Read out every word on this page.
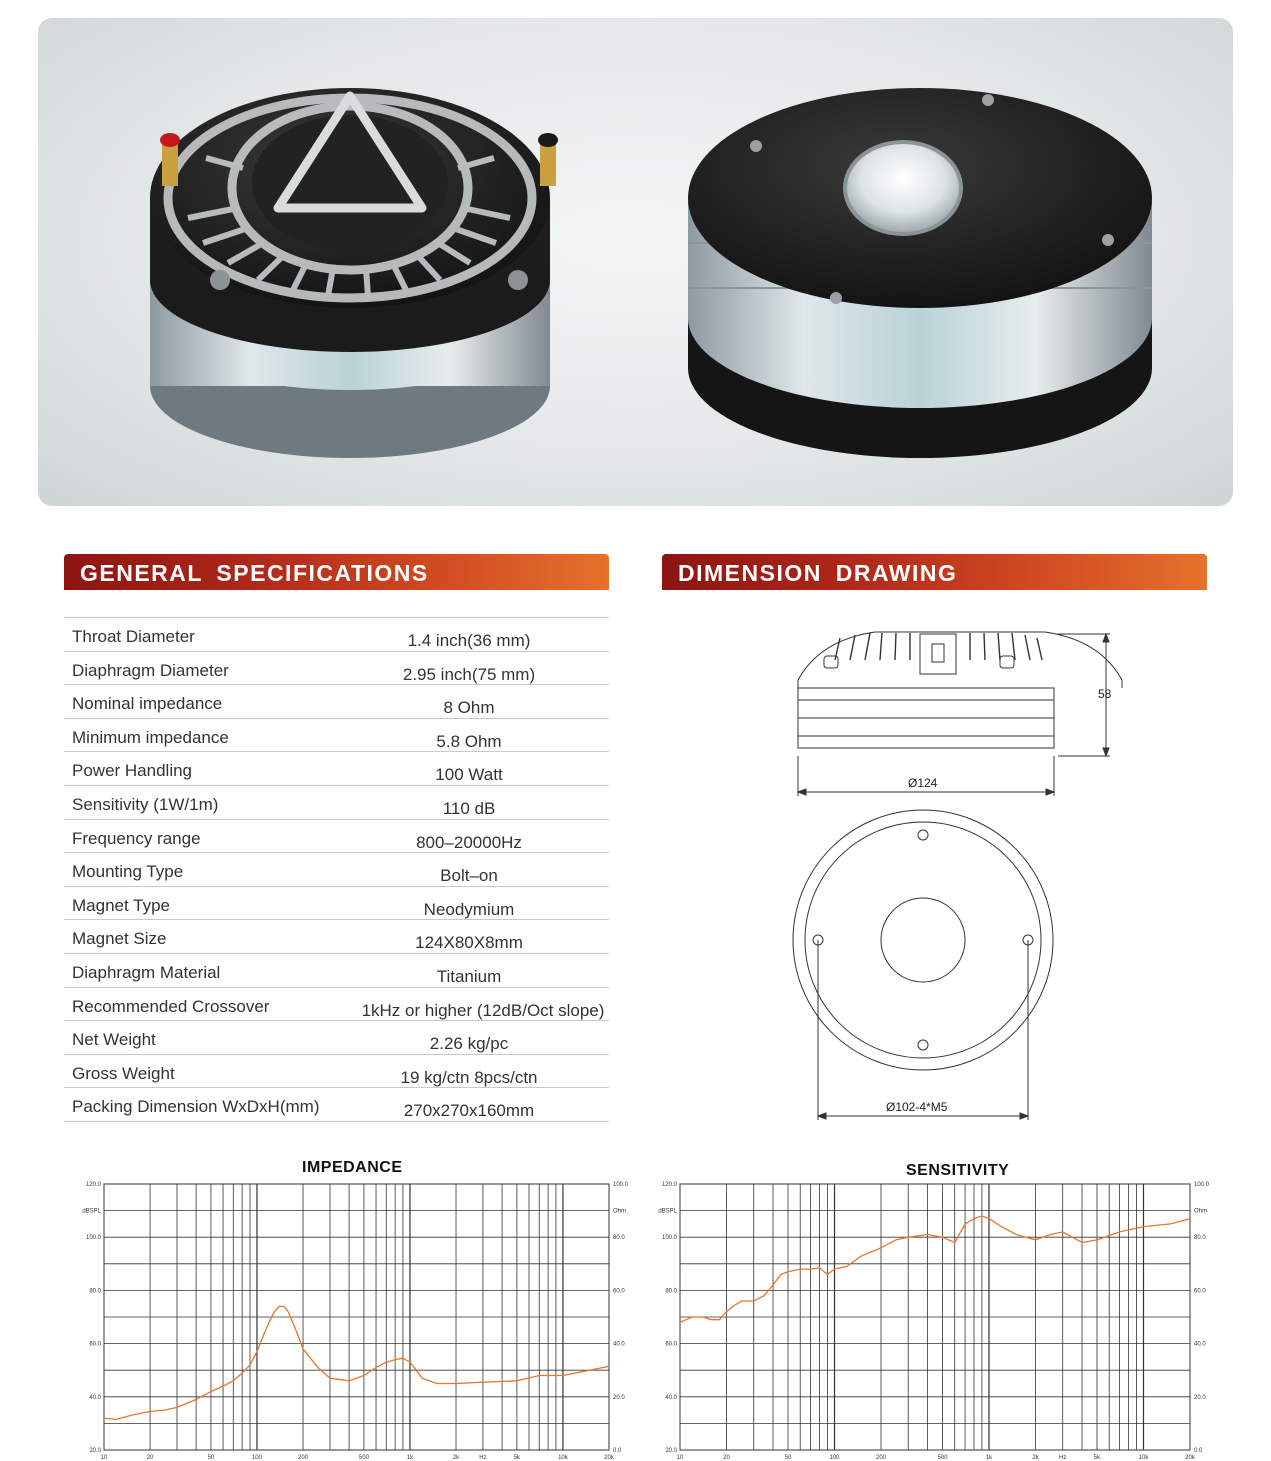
GENERAL SPECIFICATIONS
Throat Diameter	1.4 inch(36 mm)
Diaphragm Diameter	2.95 inch(75 mm)
Nominal impedance	8 Ohm
Minimum impedance	5.8 Ohm
Power Handling	100 Watt
Sensitivity (1W/1m)	110 dB
Frequency range	800–20000Hz
Mounting Type	Bolt–on
Magnet Type	Neodymium
Magnet Size	124X80X8mm
Diaphragm Material	Titanium
Recommended Crossover	1kHz or higher (12dB/Oct slope)
Net Weight	2.26 kg/pc
Gross Weight	19 kg/ctn 8pcs/ctn
Packing Dimension WxDxH(mm)	270x270x160mm
DIMENSION DRAWING
58
Ø124
Ø102-4*M5
IMPEDANCE
120.0
100.0
80.0
60.0
40.0
20.0
dBSPL
100.0
80.0
60.0
40.0
20.0
0.0
Ohm
10	20	50	100	200	500	1k	2k	5k	10k	20k
Hz
SENSITIVITY
120.0
100.0
80.0
60.0
40.0
20.0
dBSPL
100.0
80.0
60.0
40.0
20.0
0.0
Ohm
10	20	50	100	200	500	1k	2k	5k	10k	20k
Hz
